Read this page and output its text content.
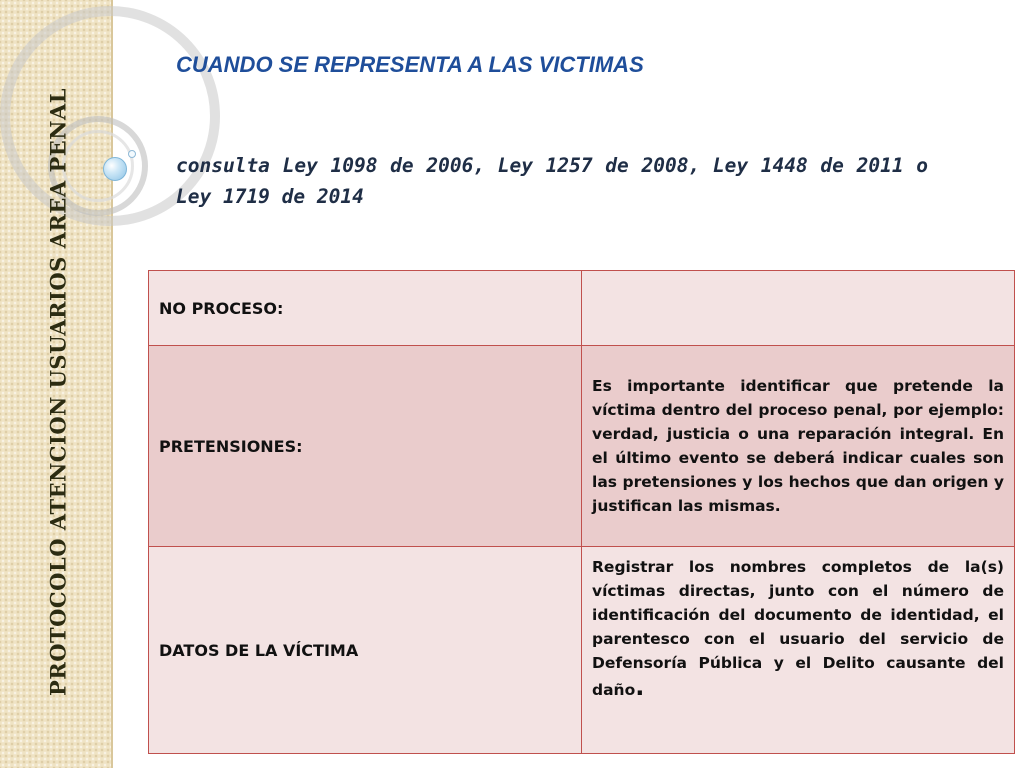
PROTOCOLO ATENCION USUARIOS AREA PENAL
CUANDO SE REPRESENTA A LAS VICTIMAS
consulta Ley 1098 de 2006, Ley 1257 de 2008, Ley 1448 de 2011 o Ley 1719 de 2014
NO PROCESO:	
PRETENSIONES:	Es importante identificar que pretende la víctima dentro del proceso penal, por ejemplo: verdad, justicia o una reparación integral. En el último evento se deberá indicar cuales son las pretensiones y los hechos que dan origen y justifican las mismas.
DATOS DE LA VÍCTIMA	Registrar los nombres completos de la(s) víctimas directas, junto con el número de identificación del documento de identidad, el parentesco con el usuario del servicio de Defensoría Pública y el Delito causante del daño.
